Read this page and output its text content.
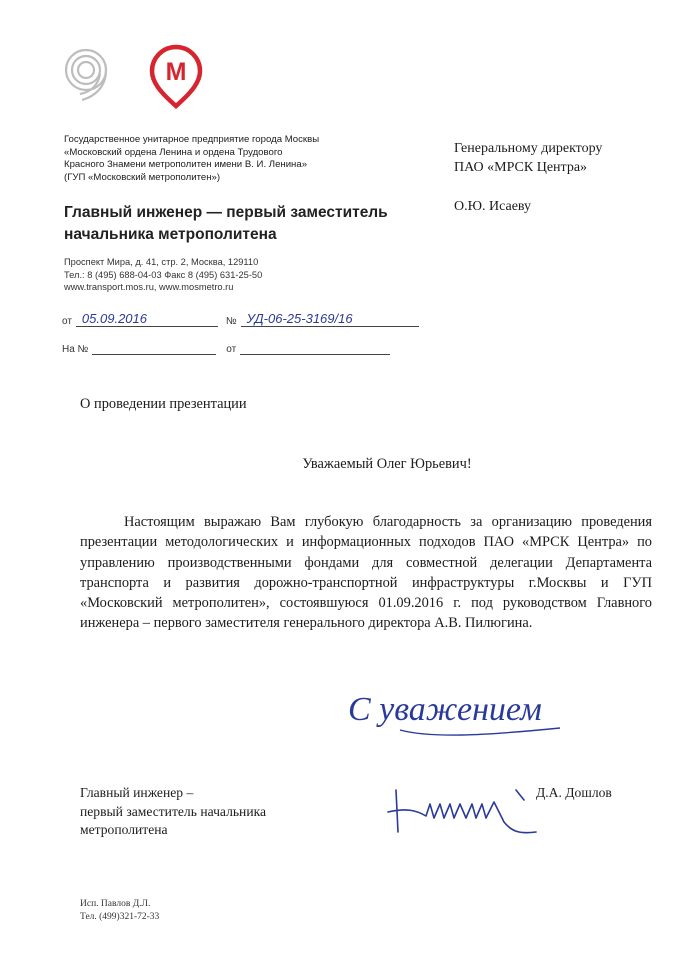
М
Государственное унитарное предприятие города Москвы
«Московский ордена Ленина и ордена Трудового
Красного Знамени метрополитен имени В. И. Ленина»
(ГУП «Московский метрополитен»)
Главный инженер — первый заместитель
начальника метрополитена
Проспект Мира, д. 41, стр. 2, Москва, 129110
Тел.: 8 (495) 688-04-03 Факс 8 (495) 631-25-50
www.transport.mos.ru, www.mosmetro.ru
от 05.09.2016	№ УД-06-25-3169/16
На №	от
Генеральному директору
ПАО «МРСК Центра»
О.Ю. Исаеву
О проведении презентации
Уважаемый Олег Юрьевич!
Настоящим выражаю Вам глубокую благодарность за организацию проведения презентации методологических и информационных подходов ПАО «МРСК Центра» по управлению производственными фондами для совместной делегации Департамента транспорта и развития дорожно-транспортной инфраструктуры г.Москвы и ГУП «Московский метрополитен», состоявшуюся 01.09.2016 г. под руководством Главного инженера – первого заместителя генерального директора А.В. Пилюгина.
С уважением
Главный инженер –
первый заместитель начальника
метрополитена
Д.А. Дошлов
Исп. Павлов Д.Л.
Тел. (499)321-72-33
